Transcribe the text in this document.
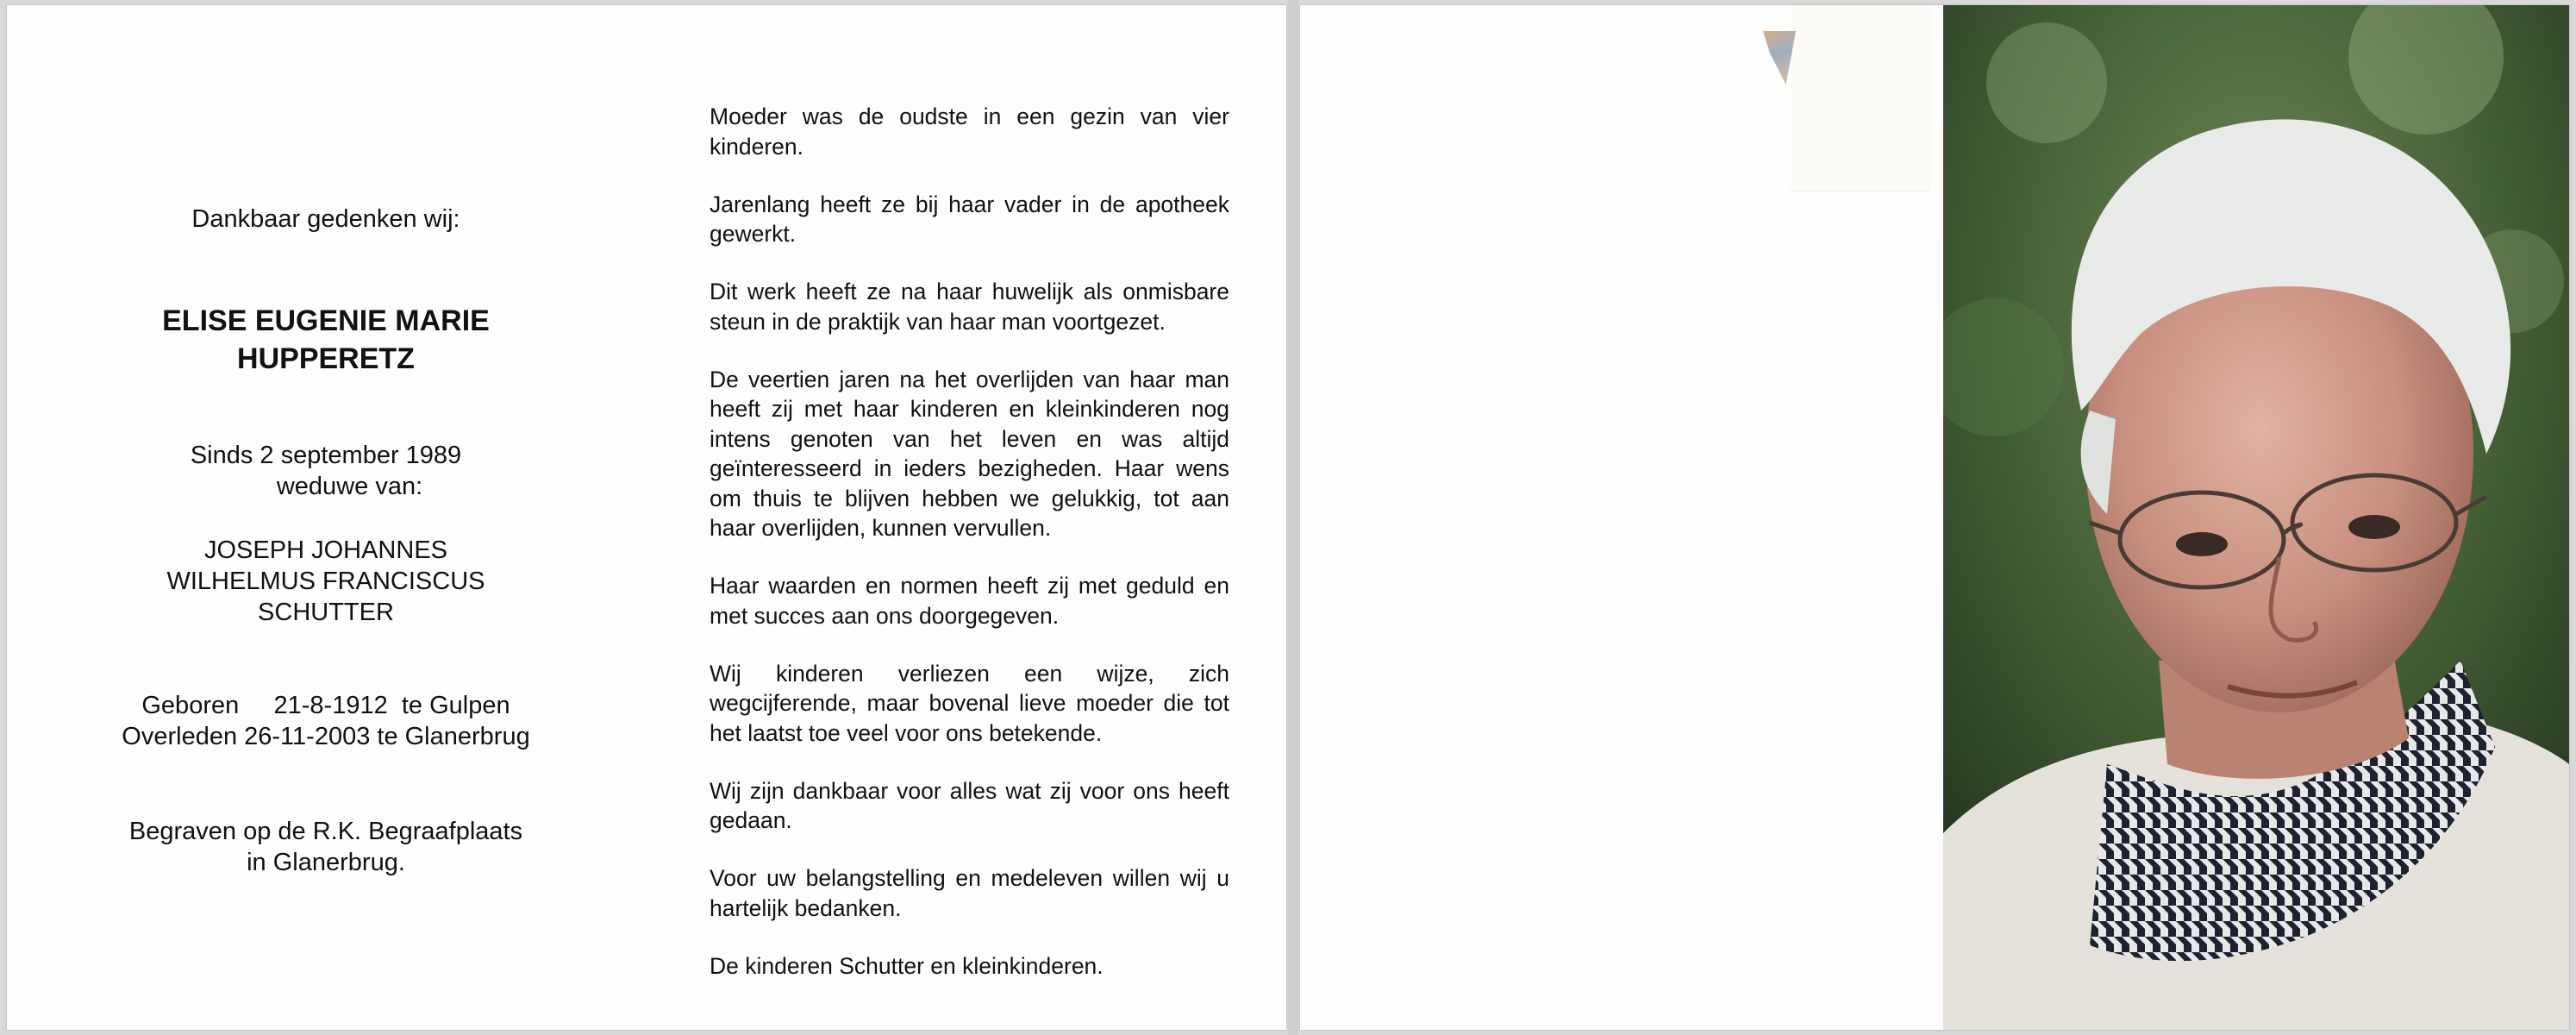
Dankbaar gedenken wij:
ELISE EUGENIE MARIE
HUPPERETZ
Sinds 2 september 1989
weduwe van:
JOSEPH JOHANNES
WILHELMUS FRANCISCUS
SCHUTTER
Geboren     21-8-1912  te Gulpen
Overleden 26-11-2003 te Glanerbrug
Begraven op de R.K. Begraafplaats
in Glanerbrug.

Moeder was de oudste in een gezin van vier kinderen.

Jarenlang heeft ze bij haar vader in de apotheek gewerkt.

Dit werk heeft ze na haar huwelijk als onmisbare steun in de praktijk van haar man voortgezet.

De veertien jaren na het overlijden van haar man heeft zij met haar kinderen en kleinkinderen nog intens genoten van het leven en was altijd geïnteresseerd in ieders bezigheden. Haar wens om thuis te blijven hebben we gelukkig, tot aan haar overlijden, kunnen vervullen.

Haar waarden en normen heeft zij met geduld en met succes aan ons doorgegeven.

Wij kinderen verliezen een wijze, zich wegcijferende, maar bovenal lieve moeder die tot het laatst toe veel voor ons betekende.

Wij zijn dankbaar voor alles wat zij voor ons heeft gedaan.

Voor uw belangstelling en medeleven willen wij u hartelijk bedanken.

De kinderen Schutter en kleinkinderen.
